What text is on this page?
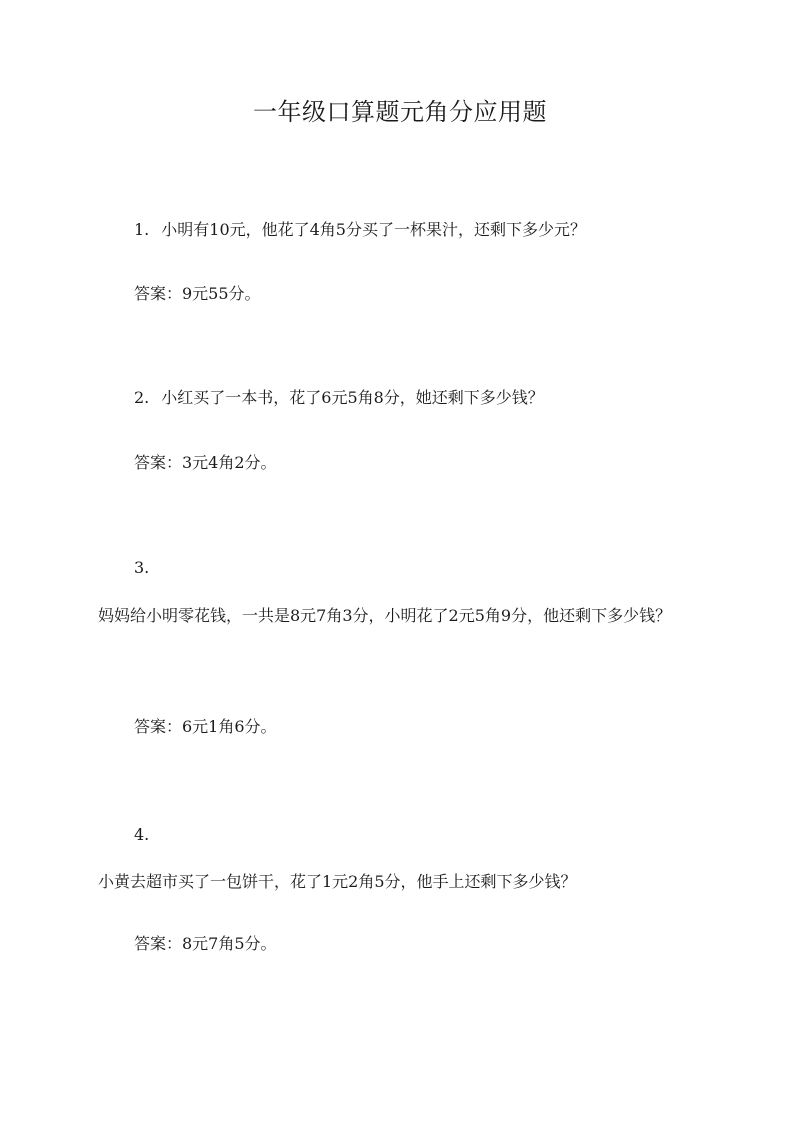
一年级口算题元角分应用题
1. 小明有10元，他花了4角5分买了一杯果汁，还剩下多少元？
答案：9元55分。
2. 小红买了一本书，花了6元5角8分，她还剩下多少钱？
答案：3元4角2分。
3.
妈妈给小明零花钱，一共是8元7角3分，小明花了2元5角9分，他还剩下多少钱？
答案：6元1角6分。
4.
小黄去超市买了一包饼干，花了1元2角5分，他手上还剩下多少钱？
答案：8元7角5分。
